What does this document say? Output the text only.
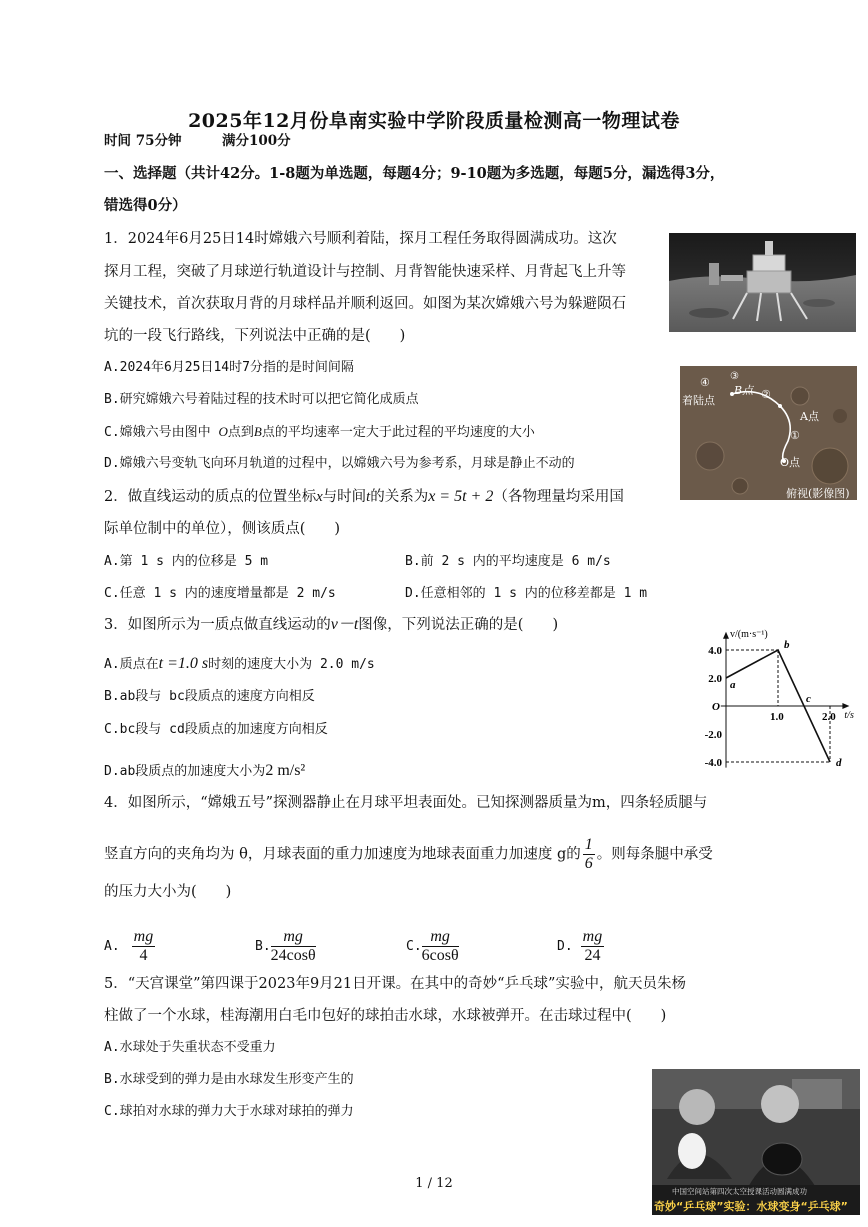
2025年12月份阜南实验中学阶段质量检测高一物理试卷
时间 75分钟	满分100分
一、选择题（共计42分。1-8题为单选题，每题4分；9-10题为多选题，每题5分，漏选得3分，
错选得0分）
1．2024年6月25日14时嫦娥六号顺利着陆，探月工程任务取得圆满成功。这次
探月工程，突破了月球逆行轨道设计与控制、月背智能快速采样、月背起飞上升等
关键技术，首次获取月背的月球样品并顺利返回。如图为某次嫦娥六号为躲避陨石
坑的一段飞行路线，下列说法中正确的是(　　)
A.2024年6月25日14时7分指的是时间间隔
B.研究嫦娥六号着陆过程的技术时可以把它简化成质点
C.嫦娥六号由图中 O点到B点的平均速率一定大于此过程的平均速度的大小
D.嫦娥六号变轨飞向环月轨道的过程中，以嫦娥六号为参考系，月球是静止不动的
④
着陆点
③
B点 ②
A点
①
O点
俯视(影像图)
2．做直线运动的质点的位置坐标x与时间t的关系为x = 5t + 2（各物理量均采用国
际单位制中的单位），侧该质点(　　)
A.第 1 s 内的位移是 5 m	B.前 2 s 内的平均速度是 6 m/s
C.任意 1 s 内的速度增量都是 2 m/s	D.任意相邻的 1 s 内的位移差都是 1 m
3．如图所示为一质点做直线运动的v－t图像，下列说法正确的是(　　)
A.质点在t =1.0 s时刻的速度大小为 2.0 m/s
B.ab段与 bc段质点的速度方向相反
C.bc段与 cd段质点的加速度方向相反
D.ab段质点的加速度大小为2 m/s²
v/(m·s⁻¹)
t/s
4.0
2.0
-2.0
-4.0
O
1.0	2.0
a
b
c
d
4．如图所示，“嫦娥五号”探测器静止在月球平坦表面处。已知探测器质量为m，四条轻质腿与
竖直方向的夹角均为 θ，月球表面的重力加速度为地球表面重力加速度 g的 $\frac{1}{6}$ 。则每条腿中承受
的压力大小为(　　)
A. $\frac{mg}{4}$	B. $\frac{mg}{24\cos\theta}$	C. $\frac{mg}{6\cos\theta}$	D. $\frac{mg}{24}$
5．“天宫课堂”第四课于2023年9月21日开课。在其中的奇妙“乒乓球”实验中，航天员朱杨
柱做了一个水球，桂海潮用白毛巾包好的球拍击水球，水球被弹开。在击球过程中(　　)
A.水球处于失重状态不受重力
B.水球受到的弹力是由水球发生形变产生的
C.球拍对水球的弹力大于水球对球拍的弹力
中国空间站第四次太空授课活动圆满成功
奇妙“乒乓球”实验：水球变身“乒乓球”
1 / 12
